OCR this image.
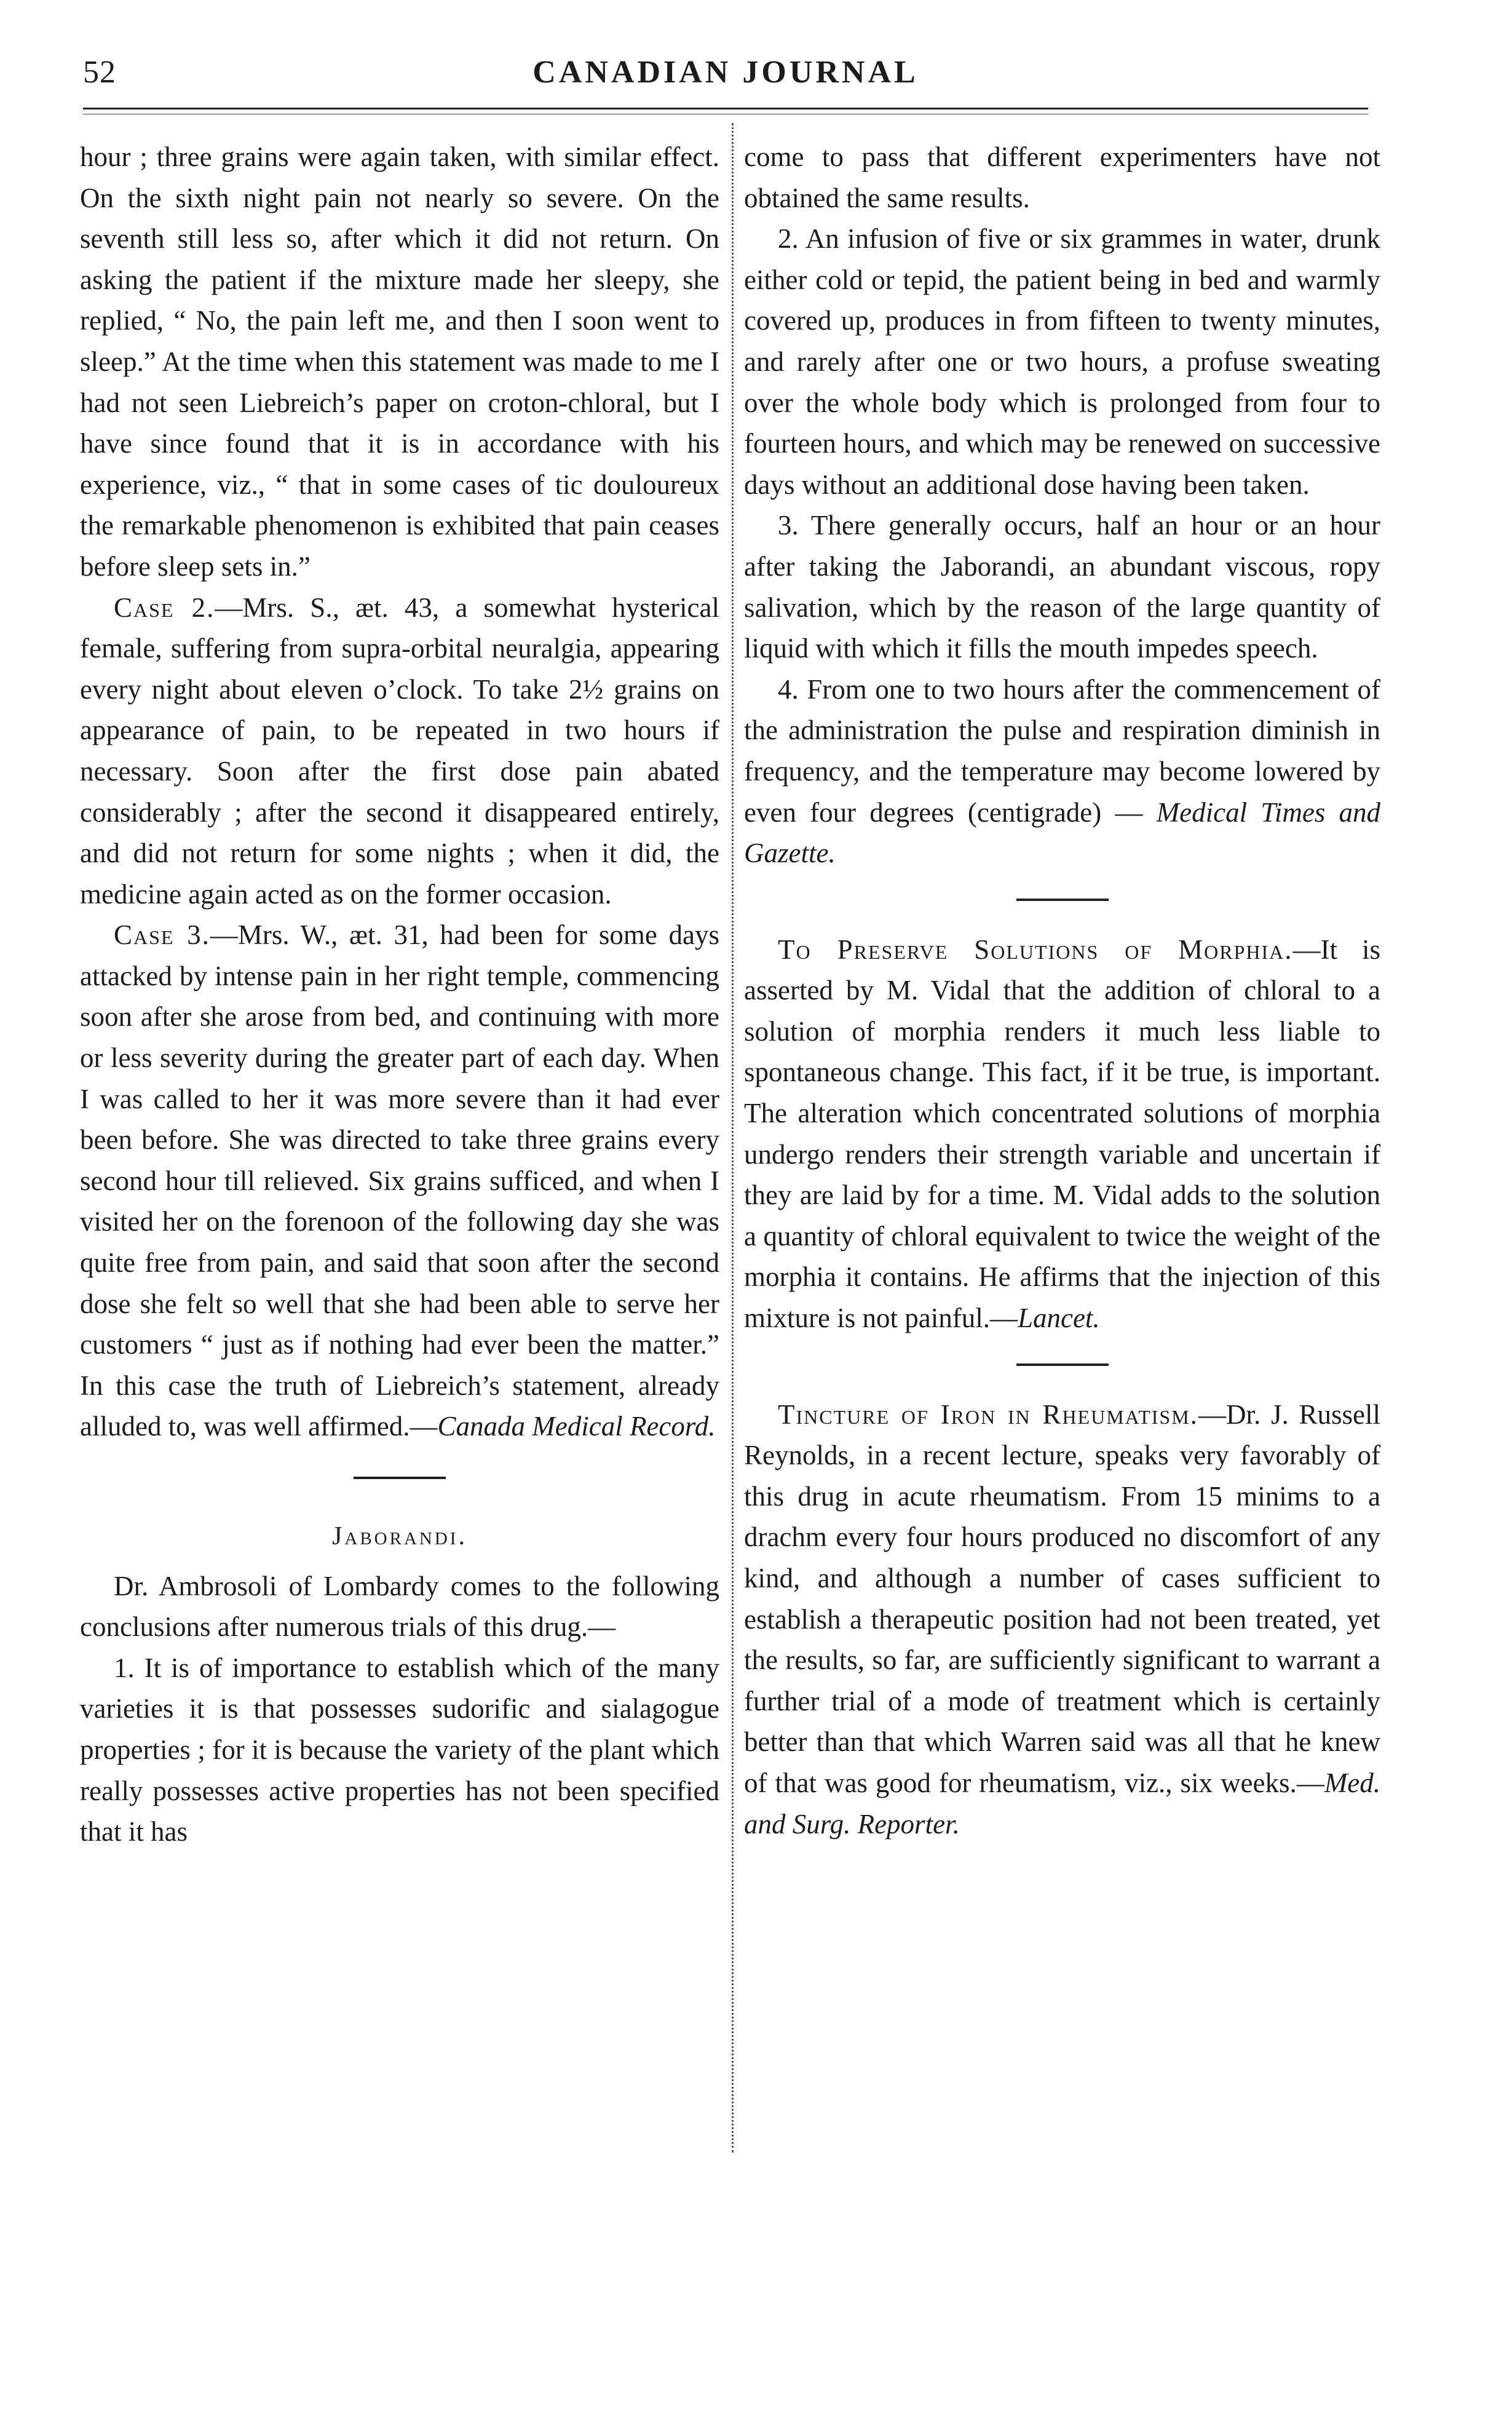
52	CANADIAN JOURNAL

hour ; three grains were again taken, with similar effect. On the sixth night pain not nearly so severe. On the seventh still less so, after which it did not return. On asking the patient if the mixture made her sleepy, she replied, “ No, the pain left me, and then I soon went to sleep.” At the time when this statement was made to me I had not seen Liebreich’s paper on croton-chloral, but I have since found that it is in accordance with his experience, viz., “ that in some cases of tic douloureux the remarkable phenomenon is exhibited that pain ceases before sleep sets in.”

Case 2.—Mrs. S., æt. 43, a somewhat hysterical female, suffering from supra-orbital neuralgia, appearing every night about eleven o’clock. To take 2½ grains on appearance of pain, to be repeated in two hours if necessary. Soon after the first dose pain abated considerably ; after the second it disappeared entirely, and did not return for some nights ; when it did, the medicine again acted as on the former occasion.

Case 3.—Mrs. W., æt. 31, had been for some days attacked by intense pain in her right temple, commencing soon after she arose from bed, and continuing with more or less severity during the greater part of each day. When I was called to her it was more severe than it had ever been before. She was directed to take three grains every second hour till relieved. Six grains sufficed, and when I visited her on the forenoon of the following day she was quite free from pain, and said that soon after the second dose she felt so well that she had been able to serve her customers “ just as if nothing had ever been the matter.” In this case the truth of Liebreich’s statement, already alluded to, was well affirmed.—Canada Medical Record.

Jaborandi.

Dr. Ambrosoli of Lombardy comes to the following conclusions after numerous trials of this drug.—

1. It is of importance to establish which of the many varieties it is that possesses sudorific and sialagogue properties ; for it is because the variety of the plant which really possesses active properties has not been specified that it has

come to pass that different experimenters have not obtained the same results.

2. An infusion of five or six grammes in water, drunk either cold or tepid, the patient being in bed and warmly covered up, produces in from fifteen to twenty minutes, and rarely after one or two hours, a profuse sweating over the whole body which is prolonged from four to fourteen hours, and which may be renewed on successive days without an additional dose having been taken.

3. There generally occurs, half an hour or an hour after taking the Jaborandi, an abundant viscous, ropy salivation, which by the reason of the large quantity of liquid with which it fills the mouth impedes speech.

4. From one to two hours after the commencement of the administration the pulse and respiration diminish in frequency, and the temperature may become lowered by even four degrees (centigrade) — Medical Times and Gazette.

To Preserve Solutions of Morphia.—It is asserted by M. Vidal that the addition of chloral to a solution of morphia renders it much less liable to spontaneous change. This fact, if it be true, is important. The alteration which concentrated solutions of morphia undergo renders their strength variable and uncertain if they are laid by for a time. M. Vidal adds to the solution a quantity of chloral equivalent to twice the weight of the morphia it contains. He affirms that the injection of this mixture is not painful.—Lancet.

Tincture of Iron in Rheumatism.—Dr. J. Russell Reynolds, in a recent lecture, speaks very favorably of this drug in acute rheumatism. From 15 minims to a drachm every four hours produced no discomfort of any kind, and although a number of cases sufficient to establish a therapeutic position had not been treated, yet the results, so far, are sufficiently significant to warrant a further trial of a mode of treatment which is certainly better than that which Warren said was all that he knew of that was good for rheumatism, viz., six weeks.—Med. and Surg. Reporter.
